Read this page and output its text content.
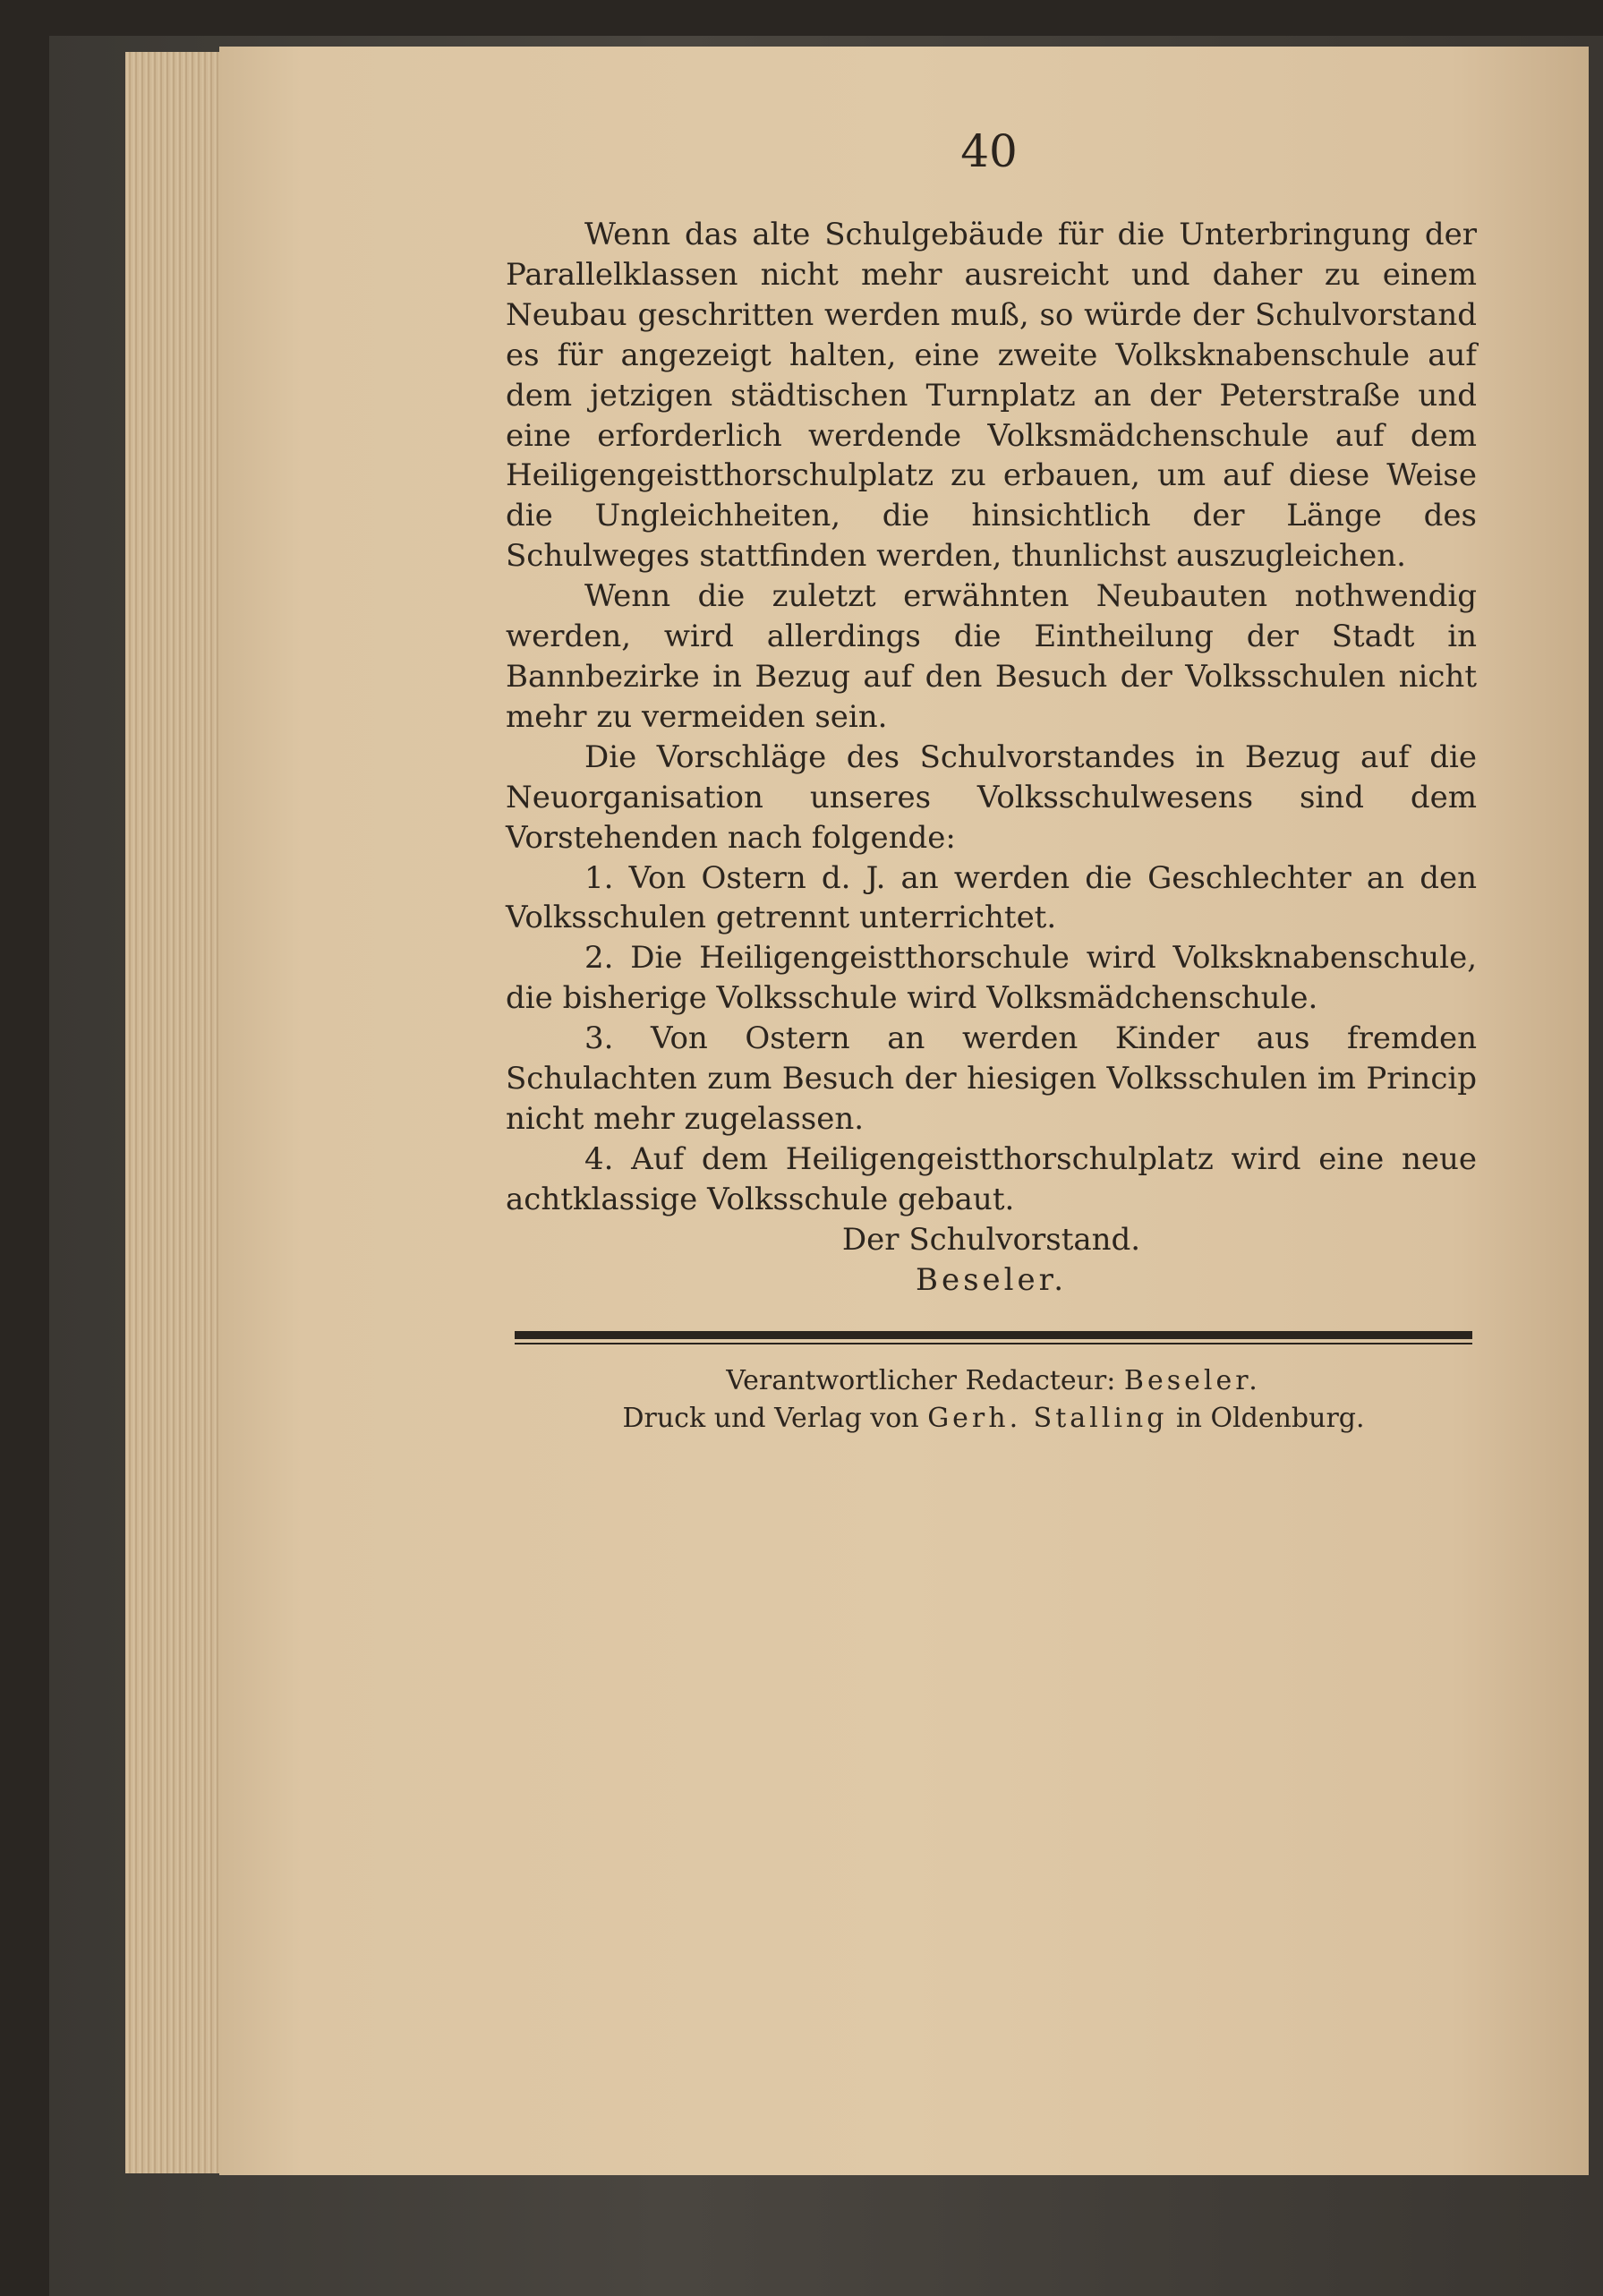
40

Wenn das alte Schulgebäude für die Unterbringung der Parallelklassen nicht mehr ausreicht und daher zu einem Neubau geschritten werden muß, so würde der Schulvorstand es für angezeigt halten, eine zweite Volksknabenschule auf dem jetzigen städtischen Turnplatz an der Peterstraße und eine erforderlich werdende Volksmädchenschule auf dem Heiligengeistthorschulplatz zu erbauen, um auf diese Weise die Ungleichheiten, die hinsichtlich der Länge des Schulweges stattfinden werden, thunlichst auszugleichen.

Wenn die zuletzt erwähnten Neubauten nothwendig werden, wird allerdings die Eintheilung der Stadt in Bannbezirke in Bezug auf den Besuch der Volksschulen nicht mehr zu vermeiden sein.

Die Vorschläge des Schulvorstandes in Bezug auf die Neuorganisation unseres Volksschulwesens sind dem Vorstehenden nach folgende:

1. Von Ostern d. J. an werden die Geschlechter an den Volksschulen getrennt unterrichtet.

2. Die Heiligengeistthorschule wird Volksknabenschule, die bisherige Volksschule wird Volksmädchenschule.

3. Von Ostern an werden Kinder aus fremden Schulachten zum Besuch der hiesigen Volksschulen im Princip nicht mehr zugelassen.

4. Auf dem Heiligengeistthorschulplatz wird eine neue achtklassige Volksschule gebaut.

Der Schulvorstand.

Beseler.

Verantwortlicher Redacteur: Beseler.
Druck und Verlag von Gerh. Stalling in Oldenburg.
